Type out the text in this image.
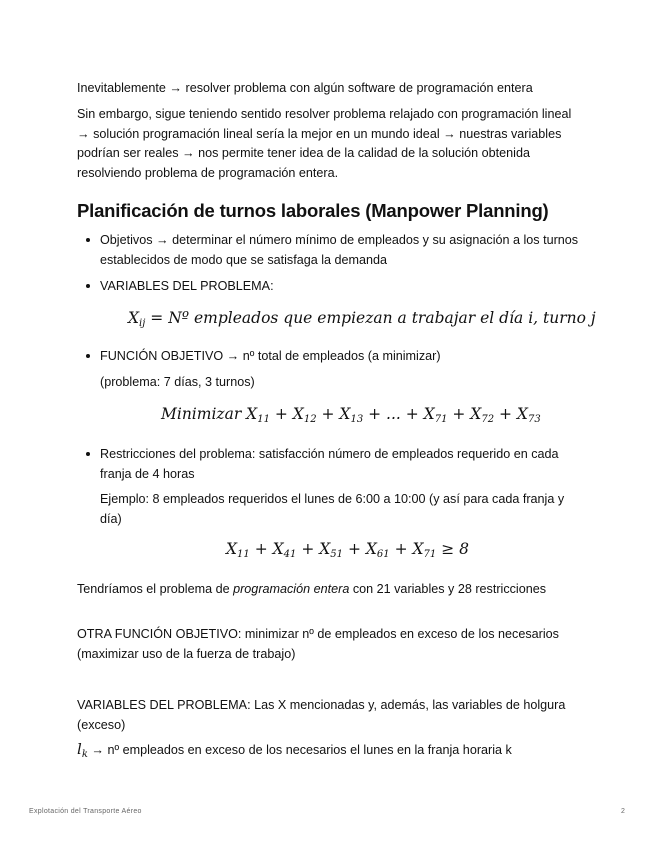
Inevitablemente → resolver problema con algún software de programación entera

Sin embargo, sigue teniendo sentido resolver problema relajado con programación lineal → solución programación lineal sería la mejor en un mundo ideal → nuestras variables podrían ser reales → nos permite tener idea de la calidad de la solución obtenida resolviendo problema de programación entera.

Planificación de turnos laborales (Manpower Planning)
Objetivos → determinar el número mínimo de empleados y su asignación a los turnos establecidos de modo que se satisfaga la demanda
VARIABLES DEL PROBLEMA:
$X_{ij}$ = Nº empleados que empiezan a trabajar el día i, turno j
FUNCIÓN OBJETIVO → nº total de empleados (a minimizar)
(problema: 7 días, 3 turnos)
Minimizar $X_{11} + X_{12} + X_{13}$ + ... + $X_{71} + X_{72} + X_{73}$
Restricciones del problema: satisfacción número de empleados requerido en cada franja de 4 horas
Ejemplo: 8 empleados requeridos el lunes de 6:00 a 10:00 (y así para cada franja y día)
$X_{11} + X_{41} + X_{51} + X_{61} + X_{71} \ge 8$

Tendríamos el problema de programación entera con 21 variables y 28 restricciones

OTRA FUNCIÓN OBJETIVO: minimizar nº de empleados en exceso de los necesarios (maximizar uso de la fuerza de trabajo)

VARIABLES DEL PROBLEMA: Las X mencionadas y, además, las variables de holgura (exceso)

$l_k$ → nº empleados en exceso de los necesarios el lunes en la franja horaria k

Explotación del Transporte Aéreo	2
